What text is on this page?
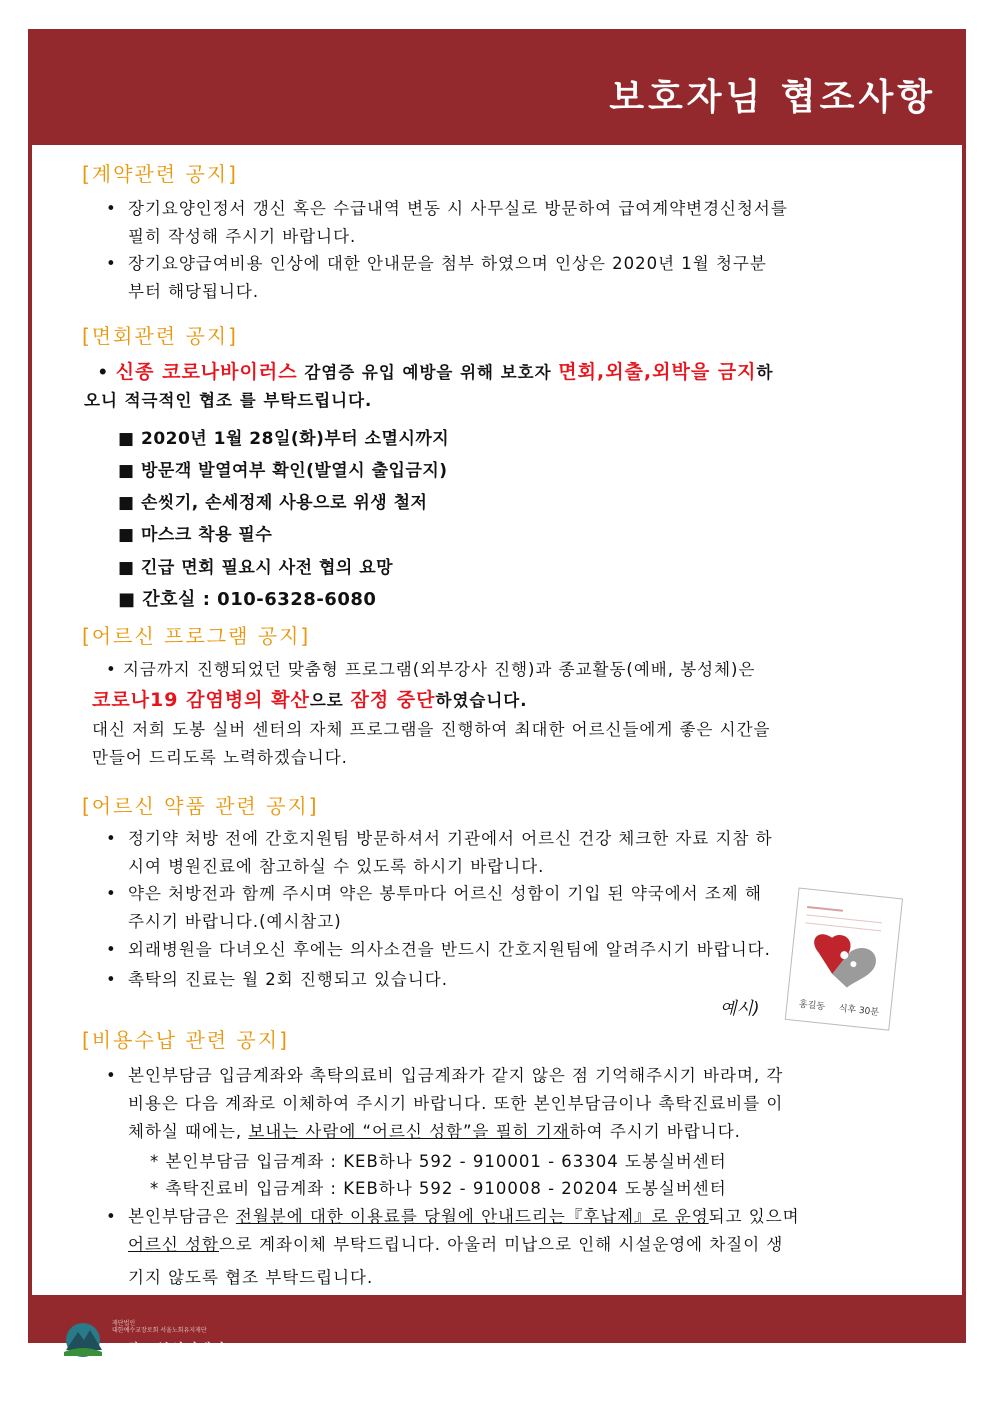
보호자님 협조사항
[계약관련 공지]
• 장기요양인정서 갱신 혹은 수급내역 변동 시 사무실로 방문하여 급여계약변경신청서를
필히 작성해 주시기 바랍니다.
• 장기요양급여비용 인상에 대한 안내문을 첨부 하였으며 인상은 2020년 1월 청구분
부터 해당됩니다.
[면회관련 공지]
• 신종 코로나바이러스 감염증 유입 예방을 위해 보호자 면회,외출,외박을 금지하
오니 적극적인 협조 를 부탁드립니다.
■ 2020년 1월 28일(화)부터 소멸시까지
■ 방문객 발열여부 확인(발열시 출입금지)
■ 손씻기, 손세정제 사용으로 위생 철저
■ 마스크 착용 필수
■ 긴급 면회 필요시 사전 협의 요망
■ 간호실 : 010-6328-6080
[어르신 프로그램 공지]
• 지금까지 진행되었던 맞춤형 프로그램(외부강사 진행)과 종교활동(예배, 봉성체)은
코로나19 감염병의 확산으로 잠정 중단하였습니다.
대신 저희 도봉 실버 센터의 자체 프로그램을 진행하여 최대한 어르신들에게 좋은 시간을
만들어 드리도록 노력하겠습니다.
[어르신 약품 관련 공지]
• 정기약 처방 전에 간호지원팀 방문하셔서 기관에서 어르신 건강 체크한 자료 지참 하
시여 병원진료에 참고하실 수 있도록 하시기 바랍니다.
• 약은 처방전과 함께 주시며 약은 봉투마다 어르신 성함이 기입 된 약국에서 조제 해
주시기 바랍니다.(예시참고)
• 외래병원을 다녀오신 후에는 의사소견을 반드시 간호지원팀에 알려주시기 바랍니다.
• 촉탁의 진료는 월 2회 진행되고 있습니다.
홍길동 식후 30분
예시)
[비용수납 관련 공지]
• 본인부담금 입금계좌와 촉탁의료비 입금계좌가 같지 않은 점 기억해주시기 바라며, 각
비용은 다음 계좌로 이체하여 주시기 바랍니다. 또한 본인부담금이나 촉탁진료비를 이
체하실 때에는, 보내는 사람에 “어르신 성함”을 필히 기재하여 주시기 바랍니다.
* 본인부담금 입금계좌 : KEB하나 592 - 910001 - 63304 도봉실버센터
* 촉탁진료비 입금계좌 : KEB하나 592 - 910008 - 20204 도봉실버센터
• 본인부담금은 전월분에 대한 이용료를 당월에 안내드리는『후납제』로 운영되고 있으며
어르신 성함으로 계좌이체 부탁드립니다. 아울러 미납으로 인해 시설운영에 차질이 생
기지 않도록 협조 부탁드립니다.
재단법인
대한예수교장로회 서울노회유지재단
구립 도봉실버센터
